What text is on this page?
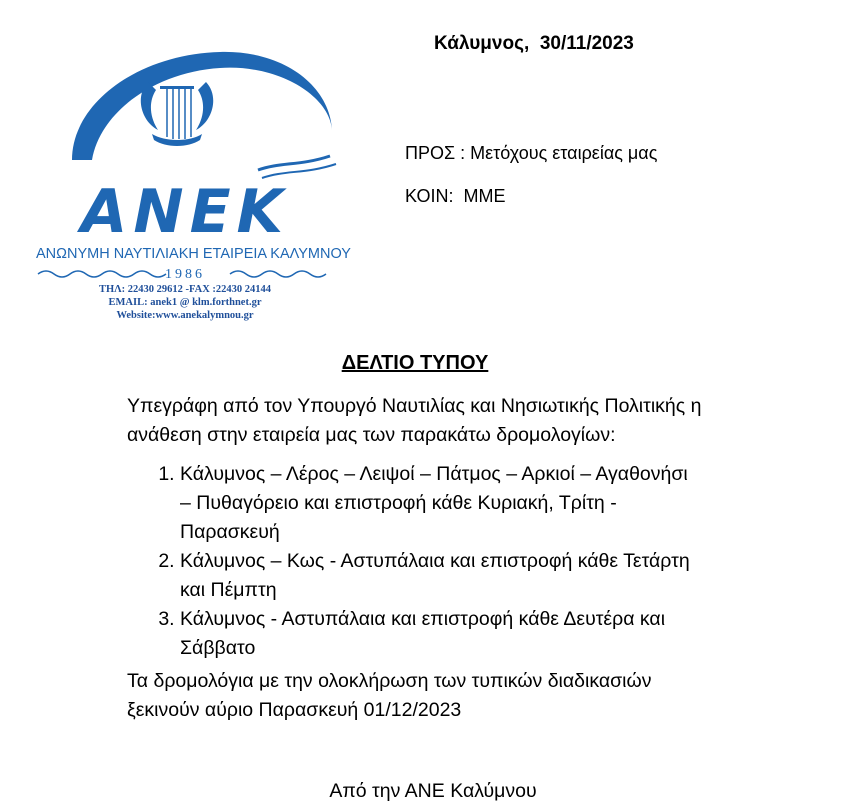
Κάλυμνος,  30/11/2023
ΑΝΕΚ
ΑΝΩΝΥΜΗ ΝΑΥΤΙΛΙΑΚΗ ΕΤΑΙΡΕΙΑ ΚΑΛΥΜΝΟΥ
1986
ΤΗΛ: 22430 29612 -FAX :22430 24144
EMAIL: anek1 @ klm.forthnet.gr
Website:www.anekalymnou.gr
ΠΡΟΣ : Μετόχους εταιρείας μας
ΚΟΙΝ:  ΜΜΕ
ΔΕΛΤΙΟ ΤΥΠΟΥ

Υπεγράφη από τον Υπουργό Ναυτιλίας και Νησιωτικής Πολιτικής η
ανάθεση στην εταιρεία μας των παρακάτω δρομολογίων:

1. Κάλυμνος – Λέρος – Λειψοί – Πάτμος – Αρκιοί – Αγαθονήσι
– Πυθαγόρειο και επιστροφή κάθε Κυριακή, Τρίτη -
Παρασκευή
2. Κάλυμνος – Κως - Αστυπάλαια και επιστροφή κάθε Τετάρτη
και Πέμπτη
3. Κάλυμνος - Αστυπάλαια και επιστροφή κάθε Δευτέρα και
Σάββατο

Τα δρομολόγια με την ολοκλήρωση των τυπικών διαδικασιών
ξεκινούν αύριο Παρασκευή 01/12/2023

Από την ΑΝΕ Καλύμνου
